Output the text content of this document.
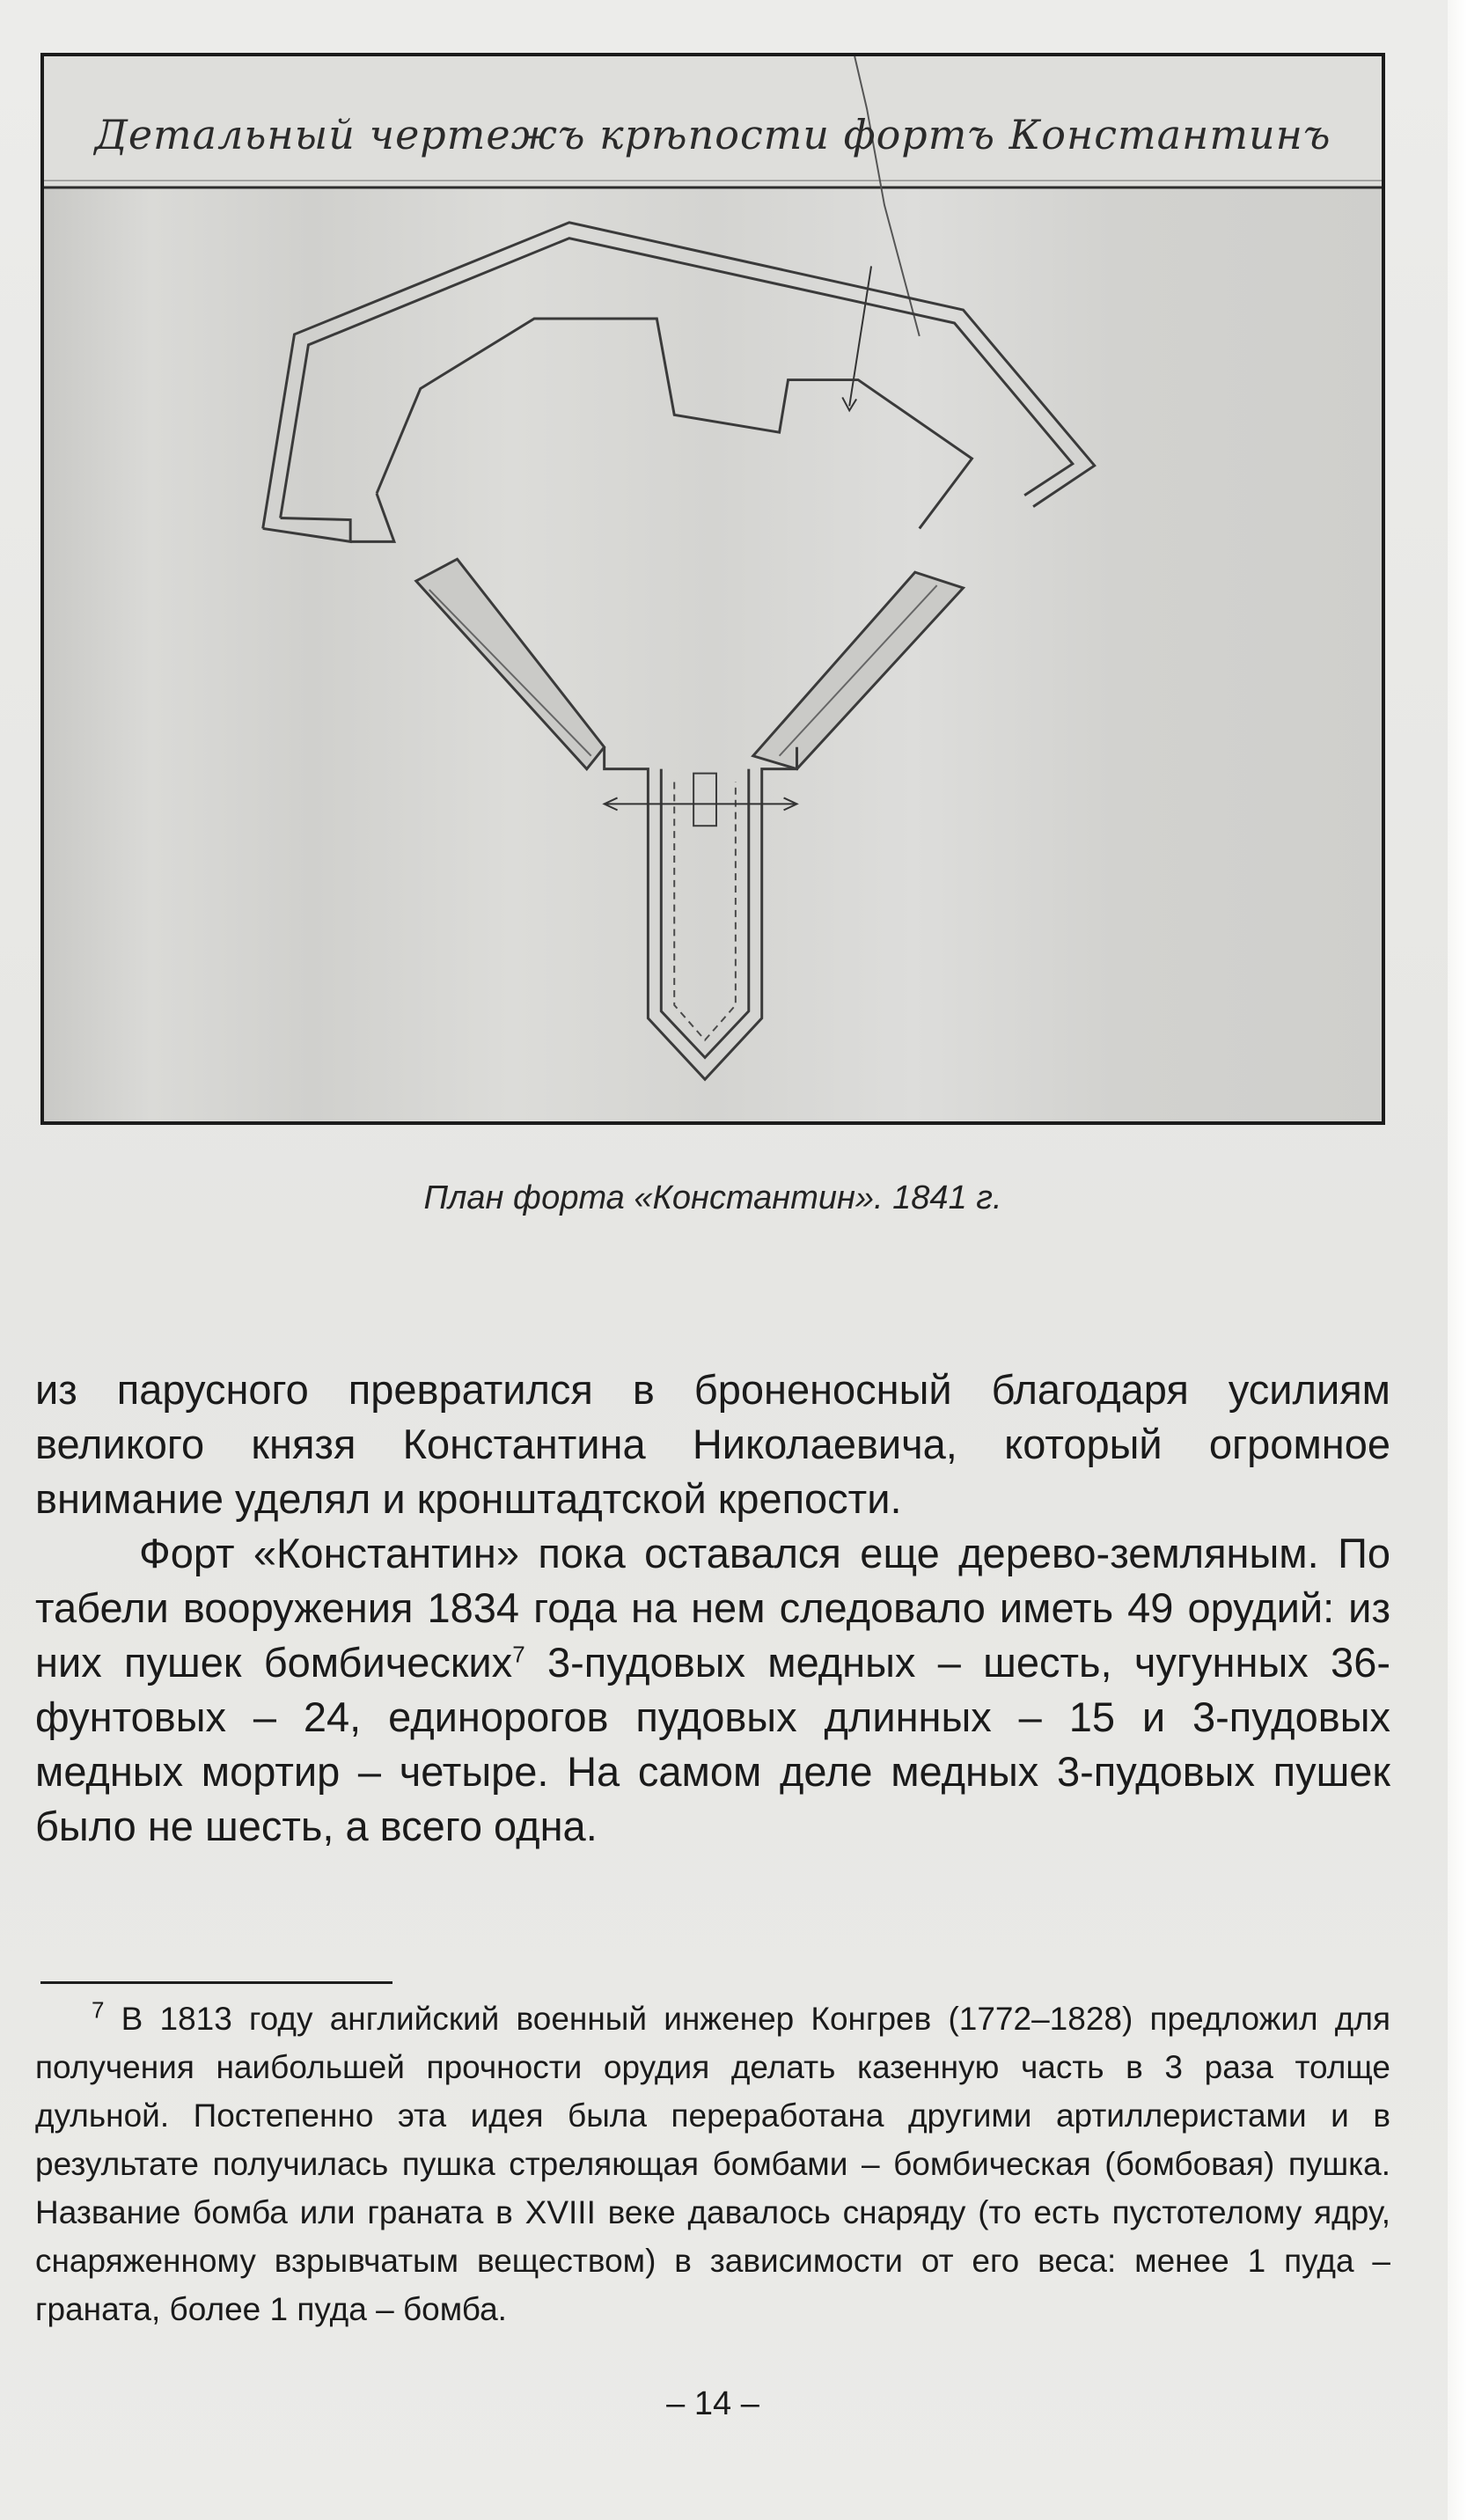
Детальный чертежъ крѣпости фортъ Константинъ
План форта «Константин». 1841 г.

из парусного превратился в броненосный благодаря усилиям великого князя Константина Николаевича, который огромное внимание уделял и кронштадтской крепости.

Форт «Константин» пока оставался еще дерево-земляным. По табели вооружения 1834 года на нем следовало иметь 49 орудий: из них пушек бомбических$^7$ 3-пудовых медных – шесть, чугунных 36-фунтовых – 24, единорогов пудовых длинных – 15 и 3-пудовых медных мортир – четыре. На самом деле медных 3-пудовых пушек было не шесть, а всего одна.

$^7$ В 1813 году английский военный инженер Конгрев (1772–1828) предложил для получения наибольшей прочности орудия делать казенную часть в 3 раза толще дульной. Постепенно эта идея была переработана другими артиллеристами и в результате получилась пушка стреляющая бомбами – бомбическая (бомбовая) пушка. Название бомба или граната в XVIII веке давалось снаряду (то есть пустотелому ядру, снаряженному взрывчатым веществом) в зависимости от его веса: менее 1 пуда – граната, более 1 пуда – бомба.
– 14 –
